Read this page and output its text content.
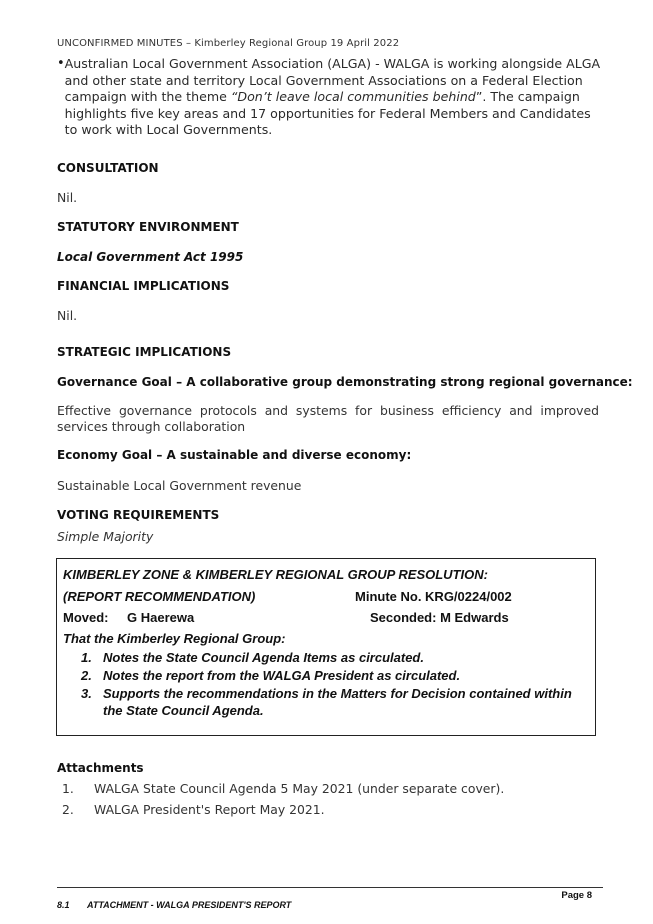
UNCONFIRMED MINUTES – Kimberley Regional Group 19 April 2022
• Australian Local Government Association (ALGA) - WALGA is working alongside ALGA and other state and territory Local Government Associations on a Federal Election campaign with the theme “Don’t leave local communities behind”. The campaign highlights five key areas and 17 opportunities for Federal Members and Candidates to work with Local Governments.
CONSULTATION
Nil.
STATUTORY ENVIRONMENT
Local Government Act 1995
FINANCIAL IMPLICATIONS
Nil.
STRATEGIC IMPLICATIONS
Governance Goal – A collaborative group demonstrating strong regional governance:
Effective governance protocols and systems for business efficiency and improved services through collaboration
Economy Goal – A sustainable and diverse economy:
Sustainable Local Government revenue
VOTING REQUIREMENTS
Simple Majority
KIMBERLEY ZONE & KIMBERLEY REGIONAL GROUP RESOLUTION:
(REPORT RECOMMENDATION)	Minute No. KRG/0224/002
Moved: G Haerewa	Seconded: M Edwards
That the Kimberley Regional Group:
1. Notes the State Council Agenda Items as circulated.
2. Notes the report from the WALGA President as circulated.
3. Supports the recommendations in the Matters for Decision contained within the State Council Agenda.
Attachments
1.	WALGA State Council Agenda 5 May 2021 (under separate cover).
2.	WALGA President's Report May 2021.
Page 8
8.1 ATTACHMENT - WALGA PRESIDENT'S REPORT
